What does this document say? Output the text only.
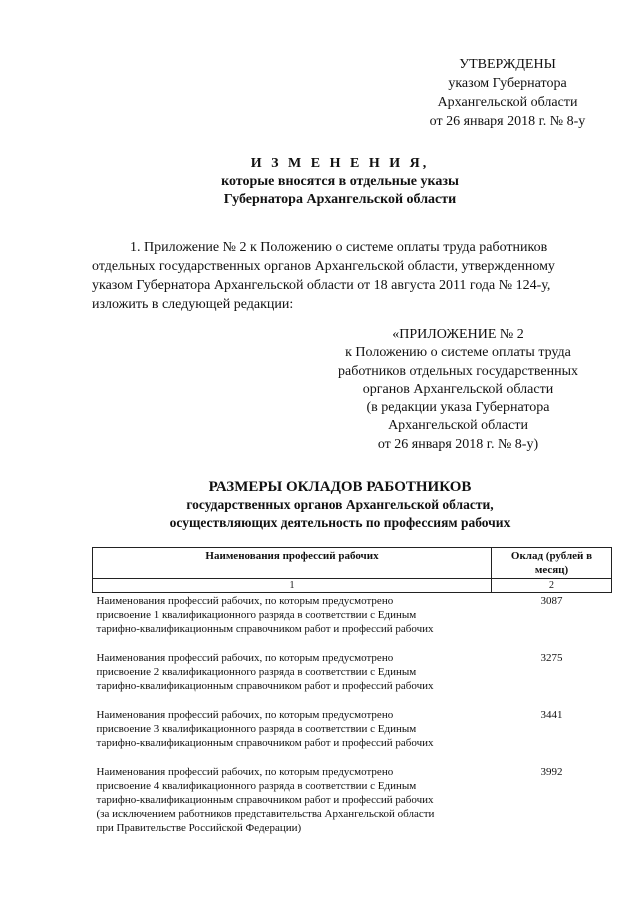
УТВЕРЖДЕНЫ
указом Губернатора
Архангельской области
от 26 января 2018 г. № 8-у
И З М Е Н Е Н И Я,
которые вносятся в отдельные указы
Губернатора Архангельской области
1. Приложение № 2 к Положению о системе оплаты труда работников
отдельных государственных органов Архангельской области, утвержденному
указом Губернатора Архангельской области от 18 августа 2011 года № 124-у,
изложить в следующей редакции:
«ПРИЛОЖЕНИЕ № 2
к Положению о системе оплаты труда
работников отдельных государственных
органов Архангельской области
(в редакции указа Губернатора
Архангельской области
от 26 января 2018 г. № 8-у)
РАЗМЕРЫ ОКЛАДОВ РАБОТНИКОВ
государственных органов Архангельской области,
осуществляющих деятельность по профессиям рабочих
Наименования профессий рабочих	Оклад (рублей в месяц)
1	2

Наименования профессий рабочих, по которым предусмотрено
присвоение 1 квалификационного разряда в соответствии с Единым
тарифно-квалификационным справочником работ и профессий рабочих	3087

Наименования профессий рабочих, по которым предусмотрено
присвоение 2 квалификационного разряда в соответствии с Единым
тарифно-квалификационным справочником работ и профессий рабочих	3275

Наименования профессий рабочих, по которым предусмотрено
присвоение 3 квалификационного разряда в соответствии с Единым
тарифно-квалификационным справочником работ и профессий рабочих	3441

Наименования профессий рабочих, по которым предусмотрено
присвоение 4 квалификационного разряда в соответствии с Единым
тарифно-квалификационным справочником работ и профессий рабочих
(за исключением работников представительства Архангельской области
при Правительстве Российской Федерации)	3992
